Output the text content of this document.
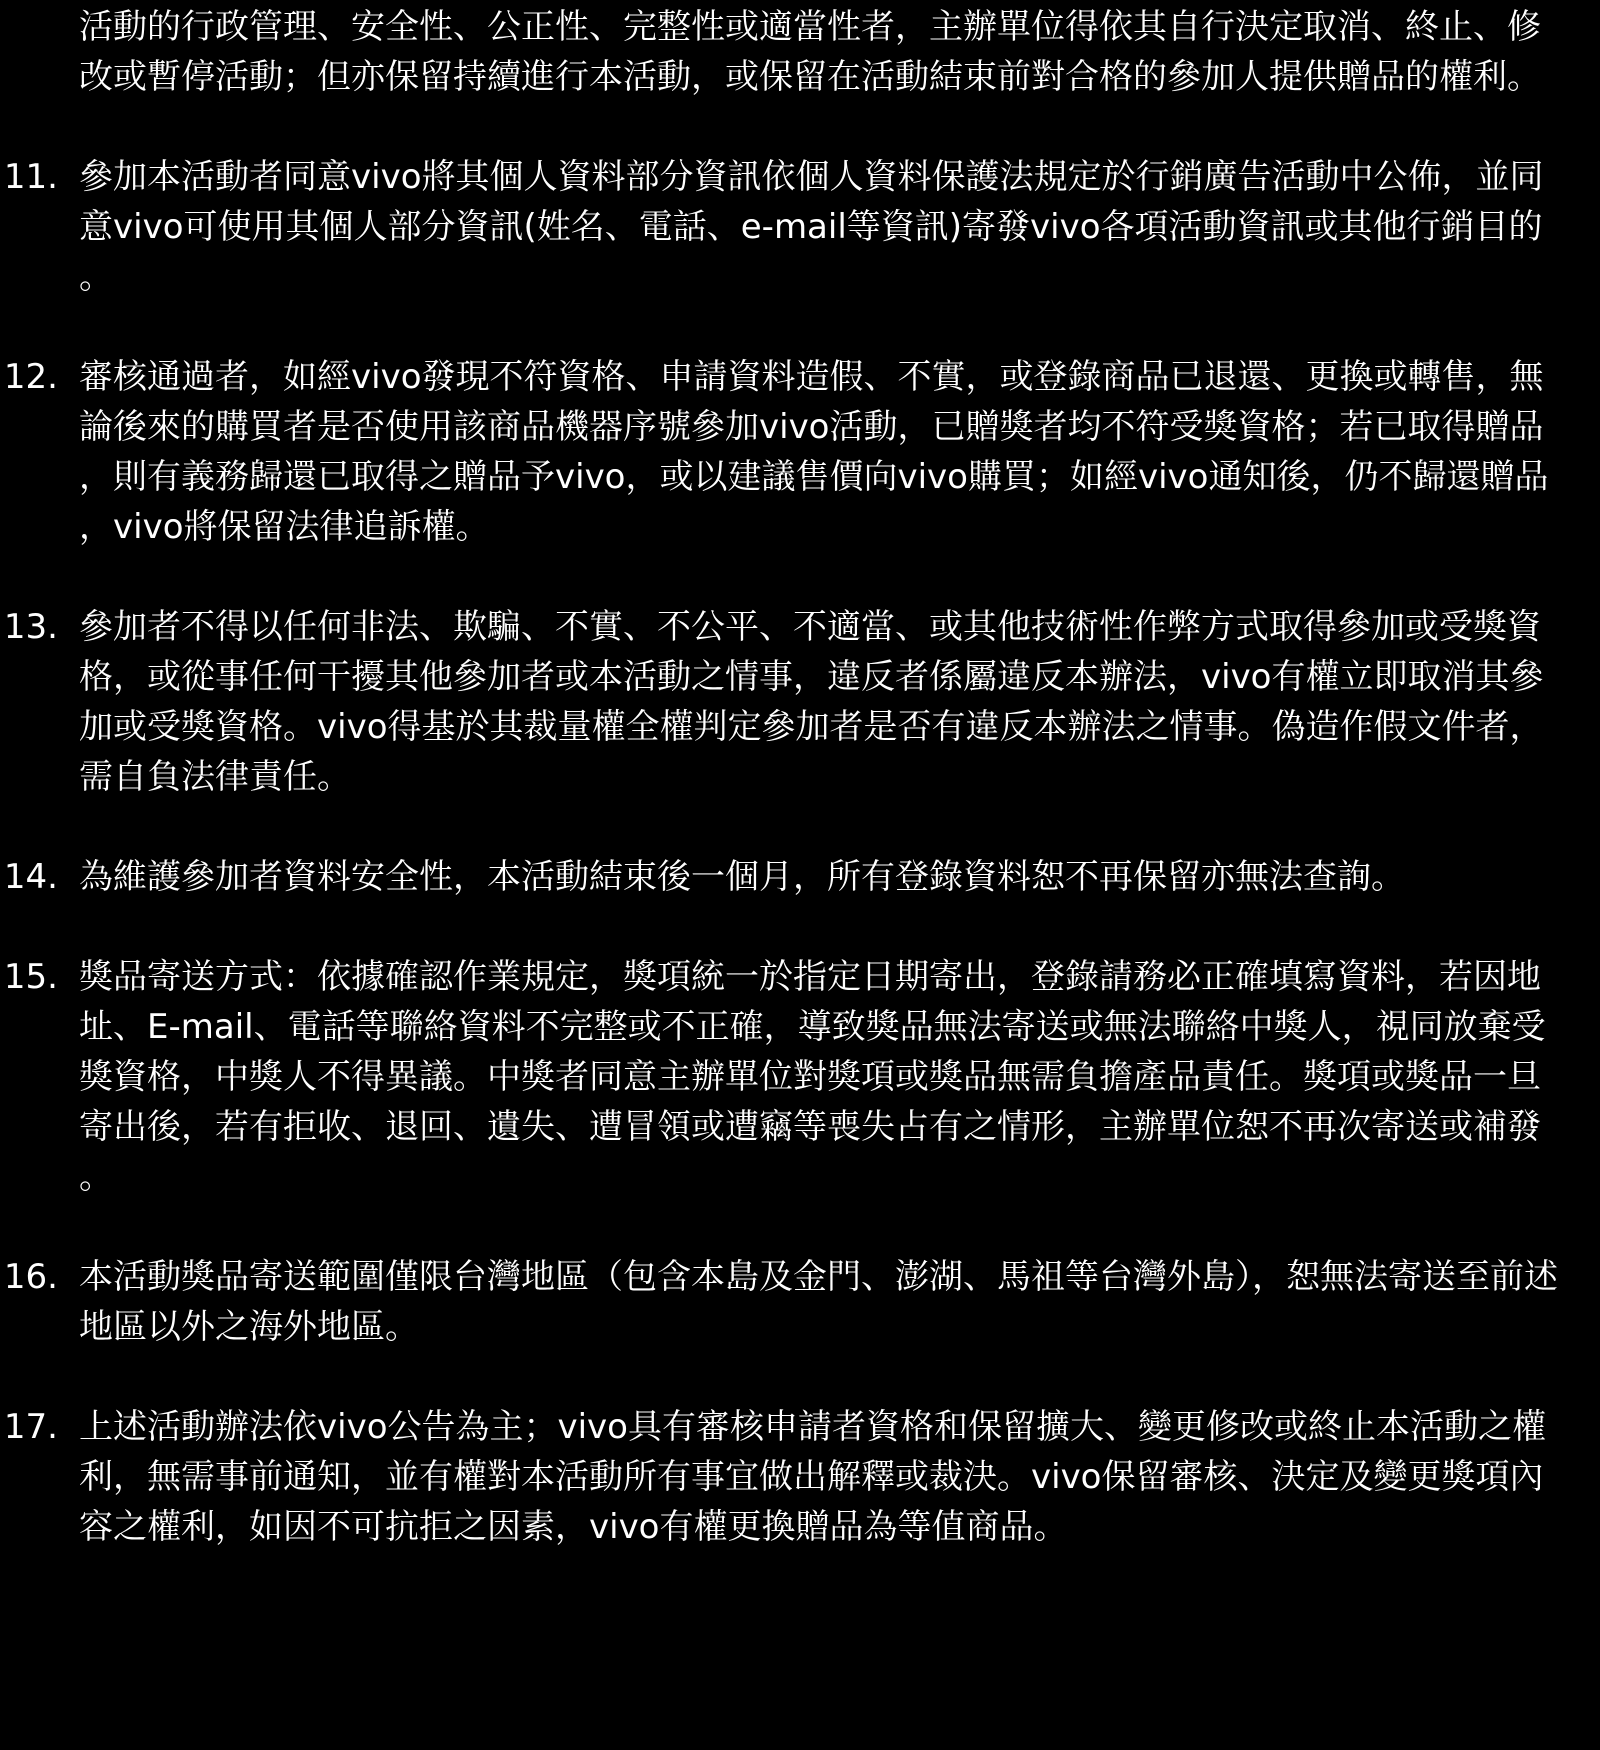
活動的行政管理、安全性、公正性、完整性或適當性者，主辦單位得依其自行決定取消、終止、修改或暫停活動；但亦保留持續進行本活動，或保留在活動結束前對合格的參加人提供贈品的權利。
11. 參加本活動者同意vivo將其個人資料部分資訊依個人資料保護法規定於行銷廣告活動中公佈，並同意vivo可使用其個人部分資訊(姓名、電話、e-mail等資訊)寄發vivo各項活動資訊或其他行銷目的。
12. 審核通過者，如經vivo發現不符資格、申請資料造假、不實，或登錄商品已退還、更換或轉售，無論後來的購買者是否使用該商品機器序號參加vivo活動，已贈獎者均不符受獎資格；若已取得贈品，則有義務歸還已取得之贈品予vivo，或以建議售價向vivo購買；如經vivo通知後，仍不歸還贈品，vivo將保留法律追訴權。
13. 參加者不得以任何非法、欺騙、不實、不公平、不適當、或其他技術性作弊方式取得參加或受獎資格，或從事任何干擾其他參加者或本活動之情事，違反者係屬違反本辦法，vivo有權立即取消其參加或受獎資格。vivo得基於其裁量權全權判定參加者是否有違反本辦法之情事。偽造作假文件者，需自負法律責任。
14. 為維護參加者資料安全性，本活動結束後一個月，所有登錄資料恕不再保留亦無法查詢。
15. 獎品寄送方式：依據確認作業規定，獎項統一於指定日期寄出，登錄請務必正確填寫資料，若因地址、E-mail、電話等聯絡資料不完整或不正確，導致獎品無法寄送或無法聯絡中獎人，視同放棄受獎資格，中獎人不得異議。中獎者同意主辦單位對獎項或獎品無需負擔產品責任。獎項或獎品一旦寄出後，若有拒收、退回、遺失、遭冒領或遭竊等喪失占有之情形，主辦單位恕不再次寄送或補發。
16. 本活動獎品寄送範圍僅限台灣地區（包含本島及金門、澎湖、馬祖等台灣外島），恕無法寄送至前述地區以外之海外地區。
17. 上述活動辦法依vivo公告為主；vivo具有審核申請者資格和保留擴大、變更修改或終止本活動之權利，無需事前通知，並有權對本活動所有事宜做出解釋或裁決。vivo保留審核、決定及變更獎項內容之權利，如因不可抗拒之因素，vivo有權更換贈品為等值商品。
